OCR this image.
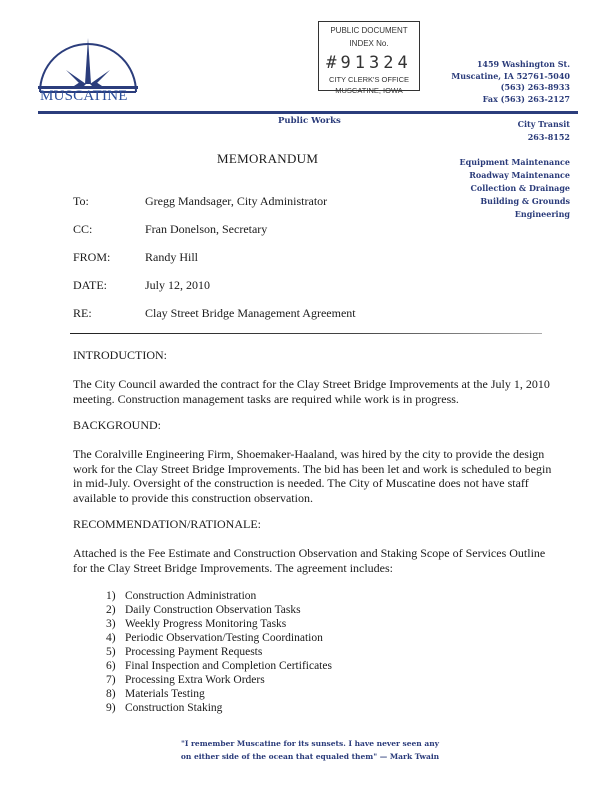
MUSCATINE
PUBLIC DOCUMENT
INDEX No.
#91324
CITY CLERK'S OFFICE
MUSCATINE, IOWA
1459 Washington St.
Muscatine, IA 52761-5040
(563) 263-8933
Fax (563) 263-2127
Public Works	City Transit
263-8152
Equipment Maintenance
Roadway Maintenance
Collection & Drainage
Building & Grounds
Engineering
MEMORANDUM
To:	Gregg Mandsager, City Administrator
CC:	Fran Donelson, Secretary
FROM:	Randy Hill
DATE:	July 12, 2010
RE:	Clay Street Bridge Management Agreement
INTRODUCTION:
The City Council awarded the contract for the Clay Street Bridge Improvements at the July 1, 2010 meeting. Construction management tasks are required while work is in progress.
BACKGROUND:
The Coralville Engineering Firm, Shoemaker-Haaland, was hired by the city to provide the design work for the Clay Street Bridge Improvements. The bid has been let and work is scheduled to begin in mid-July. Oversight of the construction is needed. The City of Muscatine does not have staff available to provide this construction observation.
RECOMMENDATION/RATIONALE:
Attached is the Fee Estimate and Construction Observation and Staking Scope of Services Outline for the Clay Street Bridge Improvements. The agreement includes:
1) Construction Administration
2) Daily Construction Observation Tasks
3) Weekly Progress Monitoring Tasks
4) Periodic Observation/Testing Coordination
5) Processing Payment Requests
6) Final Inspection and Completion Certificates
7) Processing Extra Work Orders
8) Materials Testing
9) Construction Staking
"I remember Muscatine for its sunsets. I have never seen any
on either side of the ocean that equaled them" — Mark Twain
